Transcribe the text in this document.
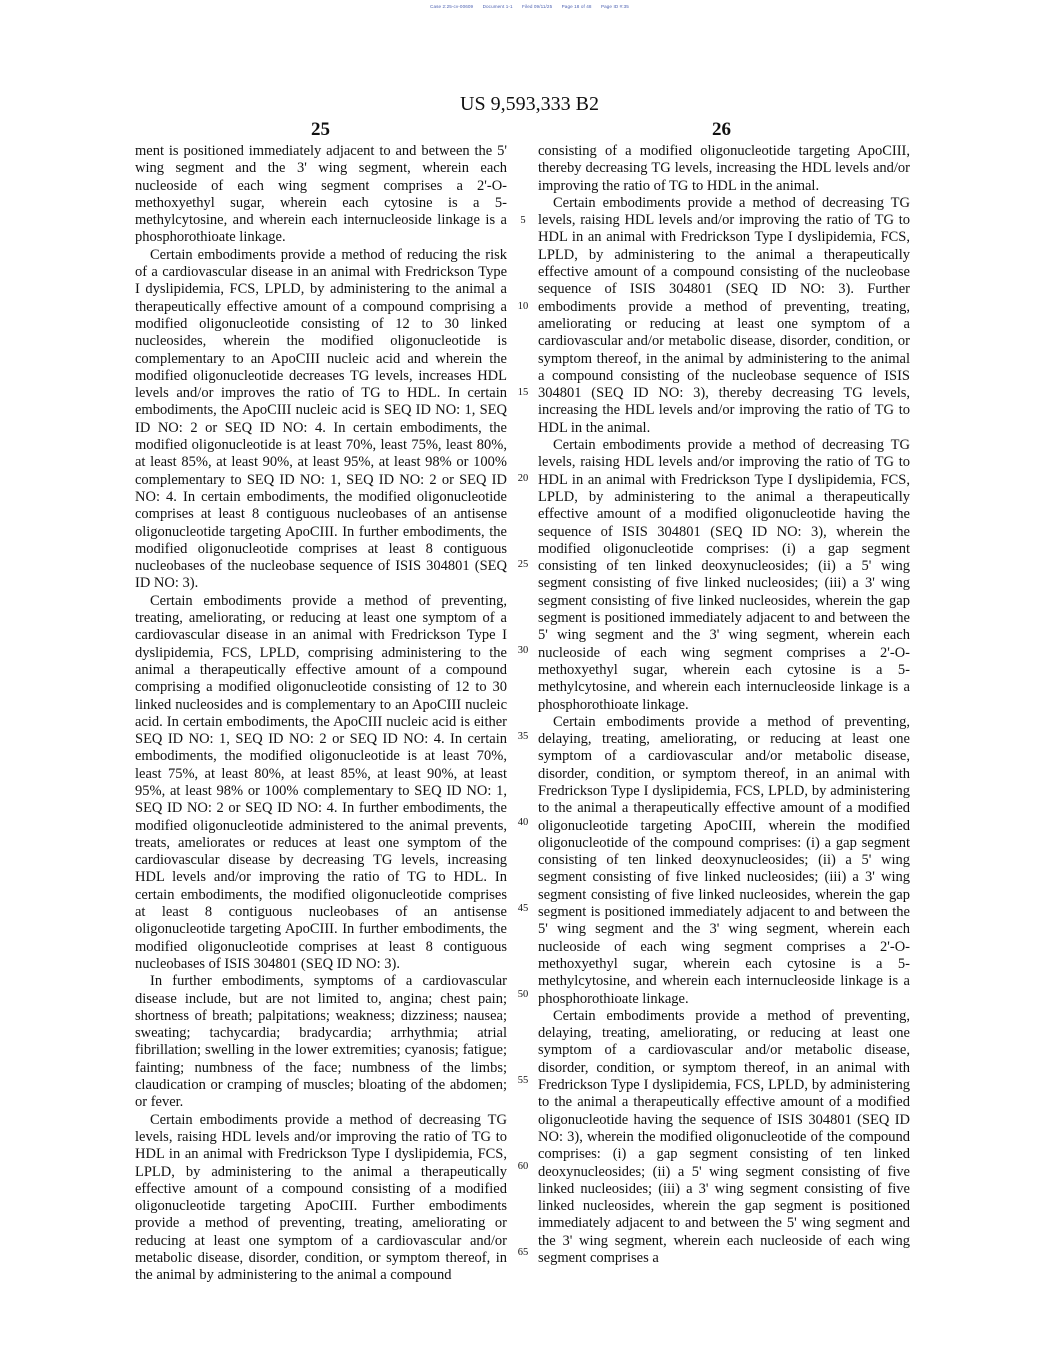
Case 2:25-cv-00609 Document 1-1 Filed 09/11/25 Page 18 of 48 Page ID #:35
US 9,593,333 B2
25	26

ment is positioned immediately adjacent to and between the 5' wing segment and the 3' wing segment, wherein each nucleoside of each wing segment comprises a 2'-O-methoxyethyl sugar, wherein each cytosine is a 5-methylcytosine, and wherein each internucleoside linkage is a phosphorothioate linkage.

Certain embodiments provide a method of reducing the risk of a cardiovascular disease in an animal with Fredrickson Type I dyslipidemia, FCS, LPLD, by administering to the animal a therapeutically effective amount of a compound comprising a modified oligonucleotide consisting of 12 to 30 linked nucleosides, wherein the modified oligonucleotide is complementary to an ApoCIII nucleic acid and wherein the modified oligonucleotide decreases TG levels, increases HDL levels and/or improves the ratio of TG to HDL. In certain embodiments, the ApoCIII nucleic acid is SEQ ID NO: 1, SEQ ID NO: 2 or SEQ ID NO: 4. In certain embodiments, the modified oligonucleotide is at least 70%, least 75%, least 80%, at least 85%, at least 90%, at least 95%, at least 98% or 100% complementary to SEQ ID NO: 1, SEQ ID NO: 2 or SEQ ID NO: 4. In certain embodiments, the modified oligonucleotide comprises at least 8 contiguous nucleobases of an antisense oligonucleotide targeting ApoCIII. In further embodiments, the modified oligonucleotide comprises at least 8 contiguous nucleobases of the nucleobase sequence of ISIS 304801 (SEQ ID NO: 3).

Certain embodiments provide a method of preventing, treating, ameliorating, or reducing at least one symptom of a cardiovascular disease in an animal with Fredrickson Type I dyslipidemia, FCS, LPLD, comprising administering to the animal a therapeutically effective amount of a compound comprising a modified oligonucleotide consisting of 12 to 30 linked nucleosides and is complementary to an ApoCIII nucleic acid. In certain embodiments, the ApoCIII nucleic acid is either SEQ ID NO: 1, SEQ ID NO: 2 or SEQ ID NO: 4. In certain embodiments, the modified oligonucleotide is at least 70%, least 75%, at least 80%, at least 85%, at least 90%, at least 95%, at least 98% or 100% complementary to SEQ ID NO: 1, SEQ ID NO: 2 or SEQ ID NO: 4. In further embodiments, the modified oligonucleotide administered to the animal prevents, treats, ameliorates or reduces at least one symptom of the cardiovascular disease by decreasing TG levels, increasing HDL levels and/or improving the ratio of TG to HDL. In certain embodiments, the modified oligonucleotide comprises at least 8 contiguous nucleobases of an antisense oligonucleotide targeting ApoCIII. In further embodiments, the modified oligonucleotide comprises at least 8 contiguous nucleobases of ISIS 304801 (SEQ ID NO: 3).

In further embodiments, symptoms of a cardiovascular disease include, but are not limited to, angina; chest pain; shortness of breath; palpitations; weakness; dizziness; nausea; sweating; tachycardia; bradycardia; arrhythmia; atrial fibrillation; swelling in the lower extremities; cyanosis; fatigue; fainting; numbness of the face; numbness of the limbs; claudication or cramping of muscles; bloating of the abdomen; or fever.

Certain embodiments provide a method of decreasing TG levels, raising HDL levels and/or improving the ratio of TG to HDL in an animal with Fredrickson Type I dyslipidemia, FCS, LPLD, by administering to the animal a therapeutically effective amount of a compound consisting of a modified oligonucleotide targeting ApoCIII. Further embodiments provide a method of preventing, treating, ameliorating or reducing at least one symptom of a cardiovascular and/or metabolic disease, disorder, condition, or symptom thereof, in the animal by administering to the animal a compound

consisting of a modified oligonucleotide targeting ApoCIII, thereby decreasing TG levels, increasing the HDL levels and/or improving the ratio of TG to HDL in the animal.

Certain embodiments provide a method of decreasing TG levels, raising HDL levels and/or improving the ratio of TG to HDL in an animal with Fredrickson Type I dyslipidemia, FCS, LPLD, by administering to the animal a therapeutically effective amount of a compound consisting of the nucleobase sequence of ISIS 304801 (SEQ ID NO: 3). Further embodiments provide a method of preventing, treating, ameliorating or reducing at least one symptom of a cardiovascular and/or metabolic disease, disorder, condition, or symptom thereof, in the animal by administering to the animal a compound consisting of the nucleobase sequence of ISIS 304801 (SEQ ID NO: 3), thereby decreasing TG levels, increasing the HDL levels and/or improving the ratio of TG to HDL in the animal.

Certain embodiments provide a method of decreasing TG levels, raising HDL levels and/or improving the ratio of TG to HDL in an animal with Fredrickson Type I dyslipidemia, FCS, LPLD, by administering to the animal a therapeutically effective amount of a modified oligonucleotide having the sequence of ISIS 304801 (SEQ ID NO: 3), wherein the modified oligonucleotide comprises: (i) a gap segment consisting of ten linked deoxynucleosides; (ii) a 5' wing segment consisting of five linked nucleosides; (iii) a 3' wing segment consisting of five linked nucleosides, wherein the gap segment is positioned immediately adjacent to and between the 5' wing segment and the 3' wing segment, wherein each nucleoside of each wing segment comprises a 2'-O-methoxyethyl sugar, wherein each cytosine is a 5-methylcytosine, and wherein each internucleoside linkage is a phosphorothioate linkage.

Certain embodiments provide a method of preventing, delaying, treating, ameliorating, or reducing at least one symptom of a cardiovascular and/or metabolic disease, disorder, condition, or symptom thereof, in an animal with Fredrickson Type I dyslipidemia, FCS, LPLD, by administering to the animal a therapeutically effective amount of a modified oligonucleotide targeting ApoCIII, wherein the modified oligonucleotide of the compound comprises: (i) a gap segment consisting of ten linked deoxynucleosides; (ii) a 5' wing segment consisting of five linked nucleosides; (iii) a 3' wing segment consisting of five linked nucleosides, wherein the gap segment is positioned immediately adjacent to and between the 5' wing segment and the 3' wing segment, wherein each nucleoside of each wing segment comprises a 2'-O-methoxyethyl sugar, wherein each cytosine is a 5-methylcytosine, and wherein each internucleoside linkage is a phosphorothioate linkage.

Certain embodiments provide a method of preventing, delaying, treating, ameliorating, or reducing at least one symptom of a cardiovascular and/or metabolic disease, disorder, condition, or symptom thereof, in an animal with Fredrickson Type I dyslipidemia, FCS, LPLD, by administering to the animal a therapeutically effective amount of a modified oligonucleotide having the sequence of ISIS 304801 (SEQ ID NO: 3), wherein the modified oligonucleotide of the compound comprises: (i) a gap segment consisting of ten linked deoxynucleosides; (ii) a 5' wing segment consisting of five linked nucleosides; (iii) a 3' wing segment consisting of five linked nucleosides, wherein the gap segment is positioned immediately adjacent to and between the 5' wing segment and the 3' wing segment, wherein each nucleoside of each wing segment comprises a

5
10
15
20
25
30
35
40
45
50
55
60
65
